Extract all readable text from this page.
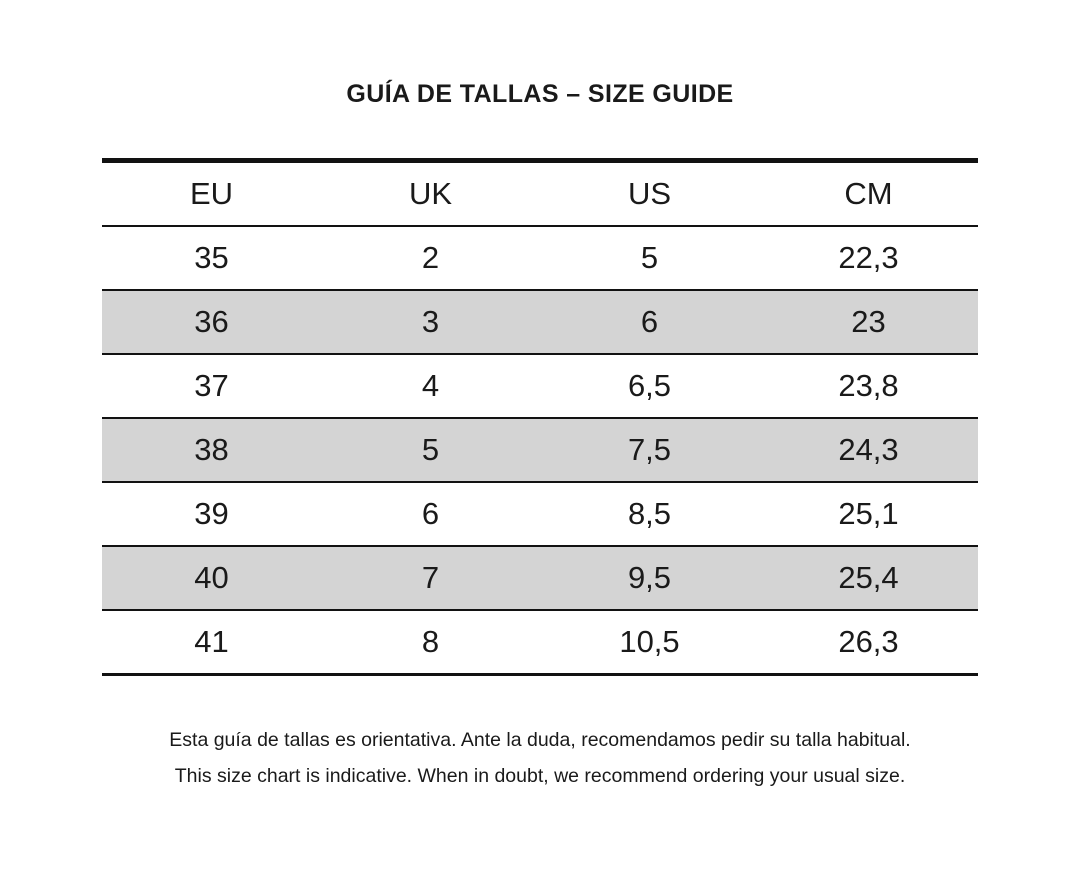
GUÍA DE TALLAS – SIZE GUIDE
EU	UK	US	CM
35	2	5	22,3
36	3	6	23
37	4	6,5	23,8
38	5	7,5	24,3
39	6	8,5	25,1
40	7	9,5	25,4
41	8	10,5	26,3
Esta guía de tallas es orientativa. Ante la duda, recomendamos pedir su talla habitual.
This size chart is indicative. When in doubt, we recommend ordering your usual size.
